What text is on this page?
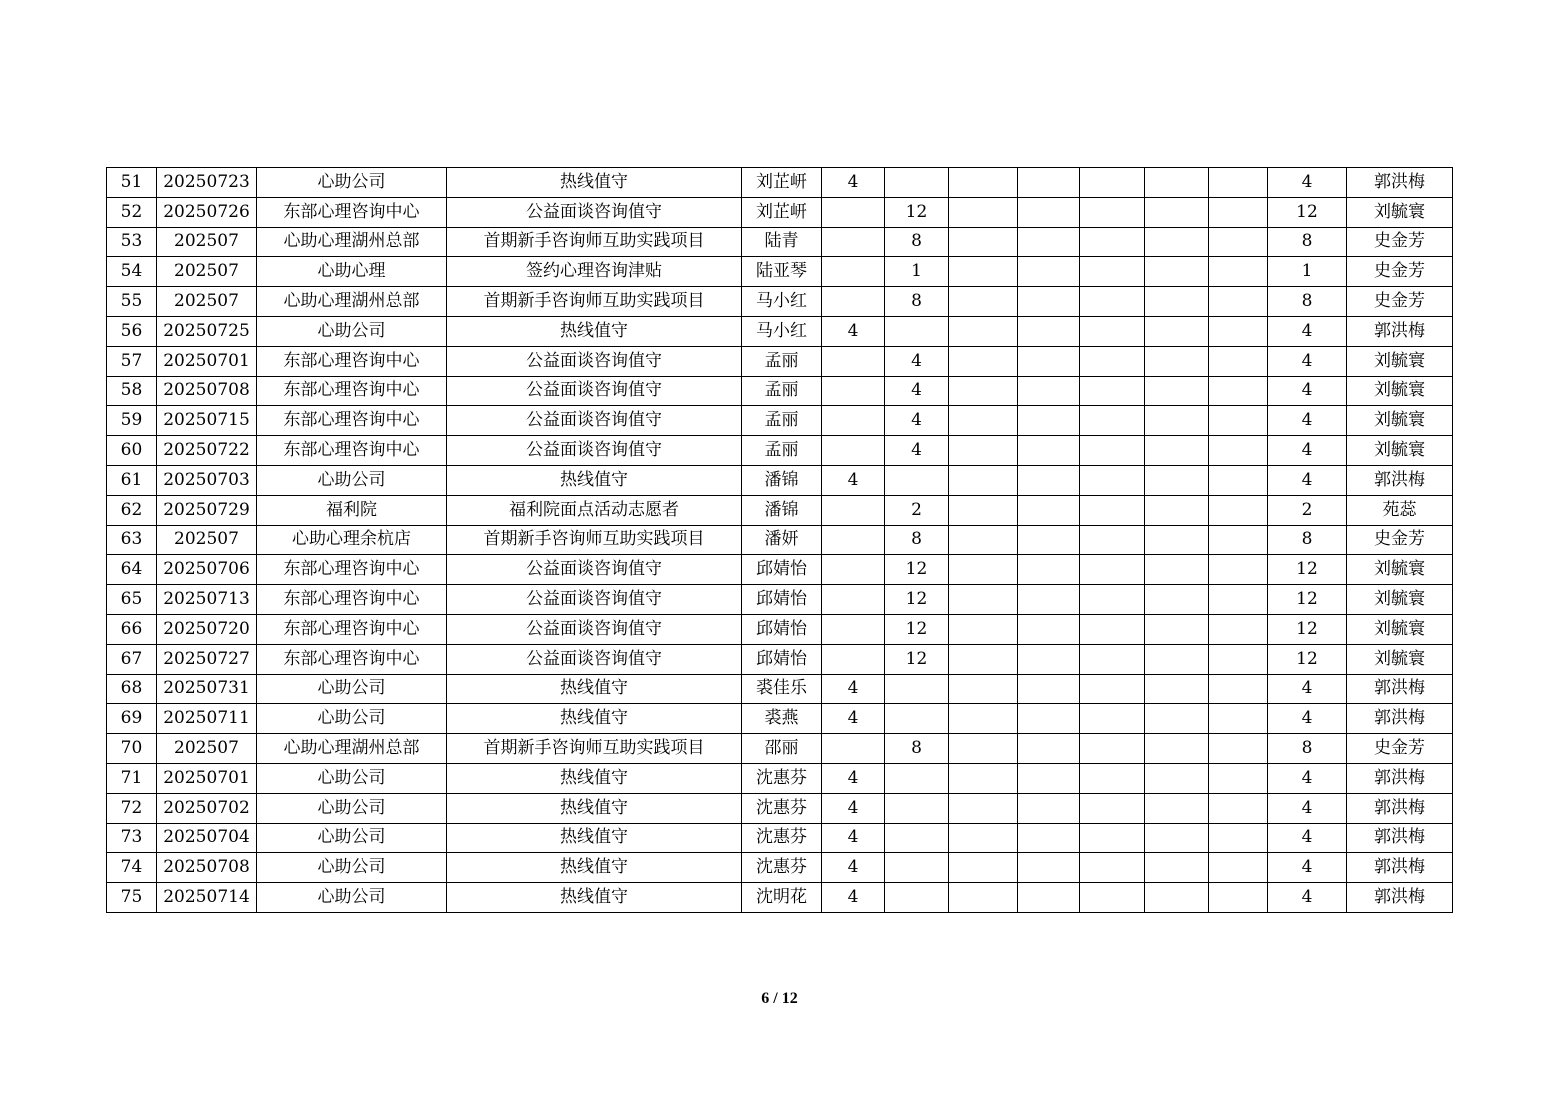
51	20250723	心助公司	热线值守	刘芷岍	4							4	郭洪梅
52	20250726	东部心理咨询中心	公益面谈咨询值守	刘芷岍		12						12	刘毓寰
53	202507	心助心理湖州总部	首期新手咨询师互助实践项目	陆青		8						8	史金芳
54	202507	心助心理	签约心理咨询津贴	陆亚琴		1						1	史金芳
55	202507	心助心理湖州总部	首期新手咨询师互助实践项目	马小红		8						8	史金芳
56	20250725	心助公司	热线值守	马小红	4							4	郭洪梅
57	20250701	东部心理咨询中心	公益面谈咨询值守	孟丽		4						4	刘毓寰
58	20250708	东部心理咨询中心	公益面谈咨询值守	孟丽		4						4	刘毓寰
59	20250715	东部心理咨询中心	公益面谈咨询值守	孟丽		4						4	刘毓寰
60	20250722	东部心理咨询中心	公益面谈咨询值守	孟丽		4						4	刘毓寰
61	20250703	心助公司	热线值守	潘锦	4							4	郭洪梅
62	20250729	福利院	福利院面点活动志愿者	潘锦		2						2	苑蕊
63	202507	心助心理余杭店	首期新手咨询师互助实践项目	潘妍		8						8	史金芳
64	20250706	东部心理咨询中心	公益面谈咨询值守	邱婧怡		12						12	刘毓寰
65	20250713	东部心理咨询中心	公益面谈咨询值守	邱婧怡		12						12	刘毓寰
66	20250720	东部心理咨询中心	公益面谈咨询值守	邱婧怡		12						12	刘毓寰
67	20250727	东部心理咨询中心	公益面谈咨询值守	邱婧怡		12						12	刘毓寰
68	20250731	心助公司	热线值守	裘佳乐	4							4	郭洪梅
69	20250711	心助公司	热线值守	裘燕	4							4	郭洪梅
70	202507	心助心理湖州总部	首期新手咨询师互助实践项目	邵丽		8						8	史金芳
71	20250701	心助公司	热线值守	沈惠芬	4							4	郭洪梅
72	20250702	心助公司	热线值守	沈惠芬	4							4	郭洪梅
73	20250704	心助公司	热线值守	沈惠芬	4							4	郭洪梅
74	20250708	心助公司	热线值守	沈惠芬	4							4	郭洪梅
75	20250714	心助公司	热线值守	沈明花	4							4	郭洪梅
6 / 12
